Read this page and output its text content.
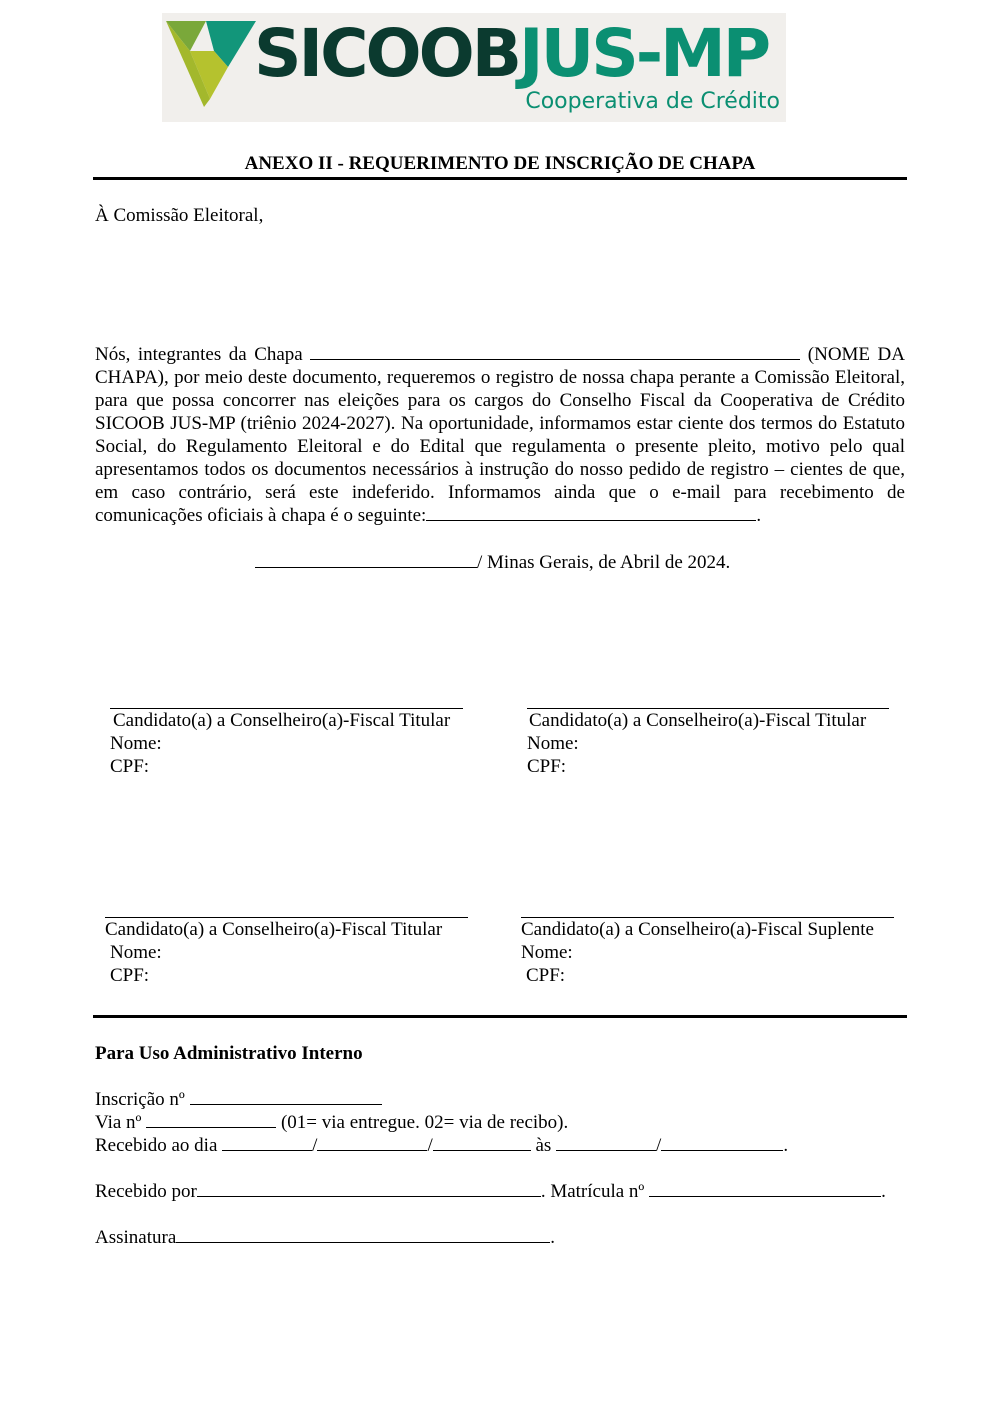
SICOOBJUS-MP
Cooperativa de Crédito
ANEXO II - REQUERIMENTO DE INSCRIÇÃO DE CHAPA
À Comissão Eleitoral,
Nós, integrantes da Chapa	(NOME DA CHAPA), por meio deste documento, requeremos o registro de nossa chapa perante a Comissão Eleitoral, para que possa concorrer nas eleições para os cargos do Conselho Fiscal da Cooperativa de Crédito SICOOB JUS-MP (triênio 2024-2027). Na oportunidade, informamos estar ciente dos termos do Estatuto Social, do Regulamento Eleitoral e do Edital que regulamenta o presente pleito, motivo pelo qual apresentamos todos os documentos necessários à instrução do nosso pedido de registro – cientes de que, em caso contrário, será este indeferido. Informamos ainda que o e-mail para recebimento de comunicações oficiais à chapa é o seguinte:	.
/ Minas Gerais, de Abril de 2024.
Candidato(a) a Conselheiro(a)-Fiscal Titular
Nome:
CPF:
Candidato(a) a Conselheiro(a)-Fiscal Titular
Nome:
CPF:
Candidato(a) a Conselheiro(a)-Fiscal Titular
Nome:
CPF:
Candidato(a) a Conselheiro(a)-Fiscal Suplente
Nome:
CPF:
Para Uso Administrativo Interno
Inscrição nº
Via nº	(01= via entregue. 02= via de recibo).
Recebido ao dia	/	/	às	/	.
Recebido por	. Matrícula nº	.
Assinatura	.
